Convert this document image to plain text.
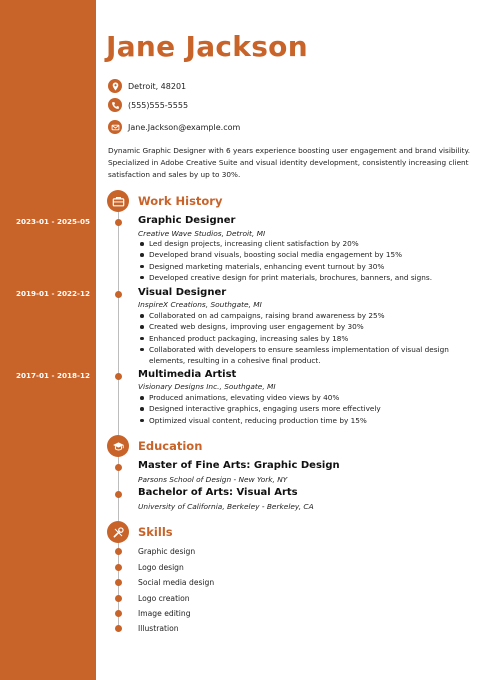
Jane Jackson
Detroit, 48201
(555)555-5555
Jane.Jackson@example.com
Dynamic Graphic Designer with 6 years experience boosting user engagement and brand visibility. Specialized in Adobe Creative Suite and visual identity development, consistently increasing client satisfaction and sales by up to 30%.
Work History
2023-01 - 2025-05	Graphic Designer
Creative Wave Studios, Detroit, MI
Led design projects, increasing client satisfaction by 20%
Developed brand visuals, boosting social media engagement by 15%
Designed marketing materials, enhancing event turnout by 30%
Developed creative design for print materials, brochures, banners, and signs.
2019-01 - 2022-12	Visual Designer
InspireX Creations, Southgate, MI
Collaborated on ad campaigns, raising brand awareness by 25%
Created web designs, improving user engagement by 30%
Enhanced product packaging, increasing sales by 18%
Collaborated with developers to ensure seamless implementation of visual design elements, resulting in a cohesive final product.
2017-01 - 2018-12	Multimedia Artist
Visionary Designs Inc., Southgate, MI
Produced animations, elevating video views by 40%
Designed interactive graphics, engaging users more effectively
Optimized visual content, reducing production time by 15%
Education
Master of Fine Arts: Graphic Design
Parsons School of Design - New York, NY
Bachelor of Arts: Visual Arts
University of California, Berkeley - Berkeley, CA
Skills
Graphic design
Logo design
Social media design
Logo creation
Image editing
Illustration
